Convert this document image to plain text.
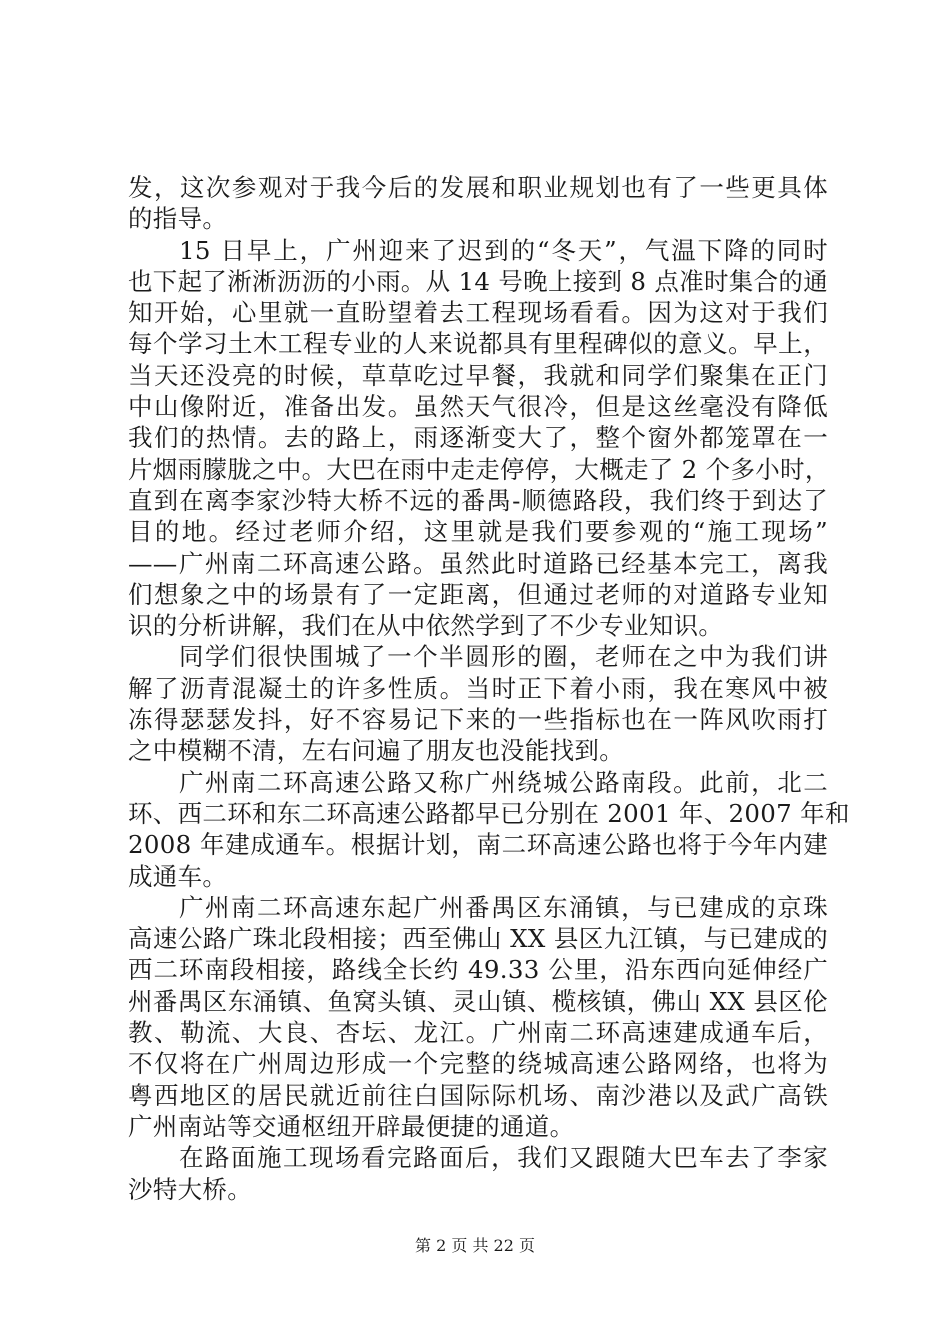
发，这次参观对于我今后的发展和职业规划也有了一些更具体
的指导。
15 日早上，广州迎来了迟到的“冬天”，气温下降的同时
也下起了淅淅沥沥的小雨。从 14 号晚上接到 8 点准时集合的通
知开始，心里就一直盼望着去工程现场看看。因为这对于我们
每个学习土木工程专业的人来说都具有里程碑似的意义。早上，
当天还没亮的时候，草草吃过早餐，我就和同学们聚集在正门
中山像附近，准备出发。虽然天气很冷，但是这丝毫没有降低
我们的热情。去的路上，雨逐渐变大了，整个窗外都笼罩在一
片烟雨朦胧之中。大巴在雨中走走停停，大概走了 2 个多小时，
直到在离李家沙特大桥不远的番禺-顺德路段，我们终于到达了
目的地。经过老师介绍，这里就是我们要参观的“施工现场”
——广州南二环高速公路。虽然此时道路已经基本完工，离我
们想象之中的场景有了一定距离，但通过老师的对道路专业知
识的分析讲解，我们在从中依然学到了不少专业知识。
同学们很快围城了一个半圆形的圈，老师在之中为我们讲
解了沥青混凝土的许多性质。当时正下着小雨，我在寒风中被
冻得瑟瑟发抖，好不容易记下来的一些指标也在一阵风吹雨打
之中模糊不清，左右问遍了朋友也没能找到。
广州南二环高速公路又称广州绕城公路南段。此前，北二
环、西二环和东二环高速公路都早已分别在 2001 年、2007 年和
2008 年建成通车。根据计划，南二环高速公路也将于今年内建
成通车。
广州南二环高速东起广州番禺区东涌镇，与已建成的京珠
高速公路广珠北段相接；西至佛山 XX 县区九江镇，与已建成的
西二环南段相接，路线全长约 49.33 公里，沿东西向延伸经广
州番禺区东涌镇、鱼窝头镇、灵山镇、榄核镇，佛山 XX 县区伦
教、勒流、大良、杏坛、龙江。广州南二环高速建成通车后，
不仅将在广州周边形成一个完整的绕城高速公路网络，也将为
粤西地区的居民就近前往白国际际机场、南沙港以及武广高铁
广州南站等交通枢纽开辟最便捷的通道。
在路面施工现场看完路面后，我们又跟随大巴车去了李家
沙特大桥。
第 2 页 共 22 页
